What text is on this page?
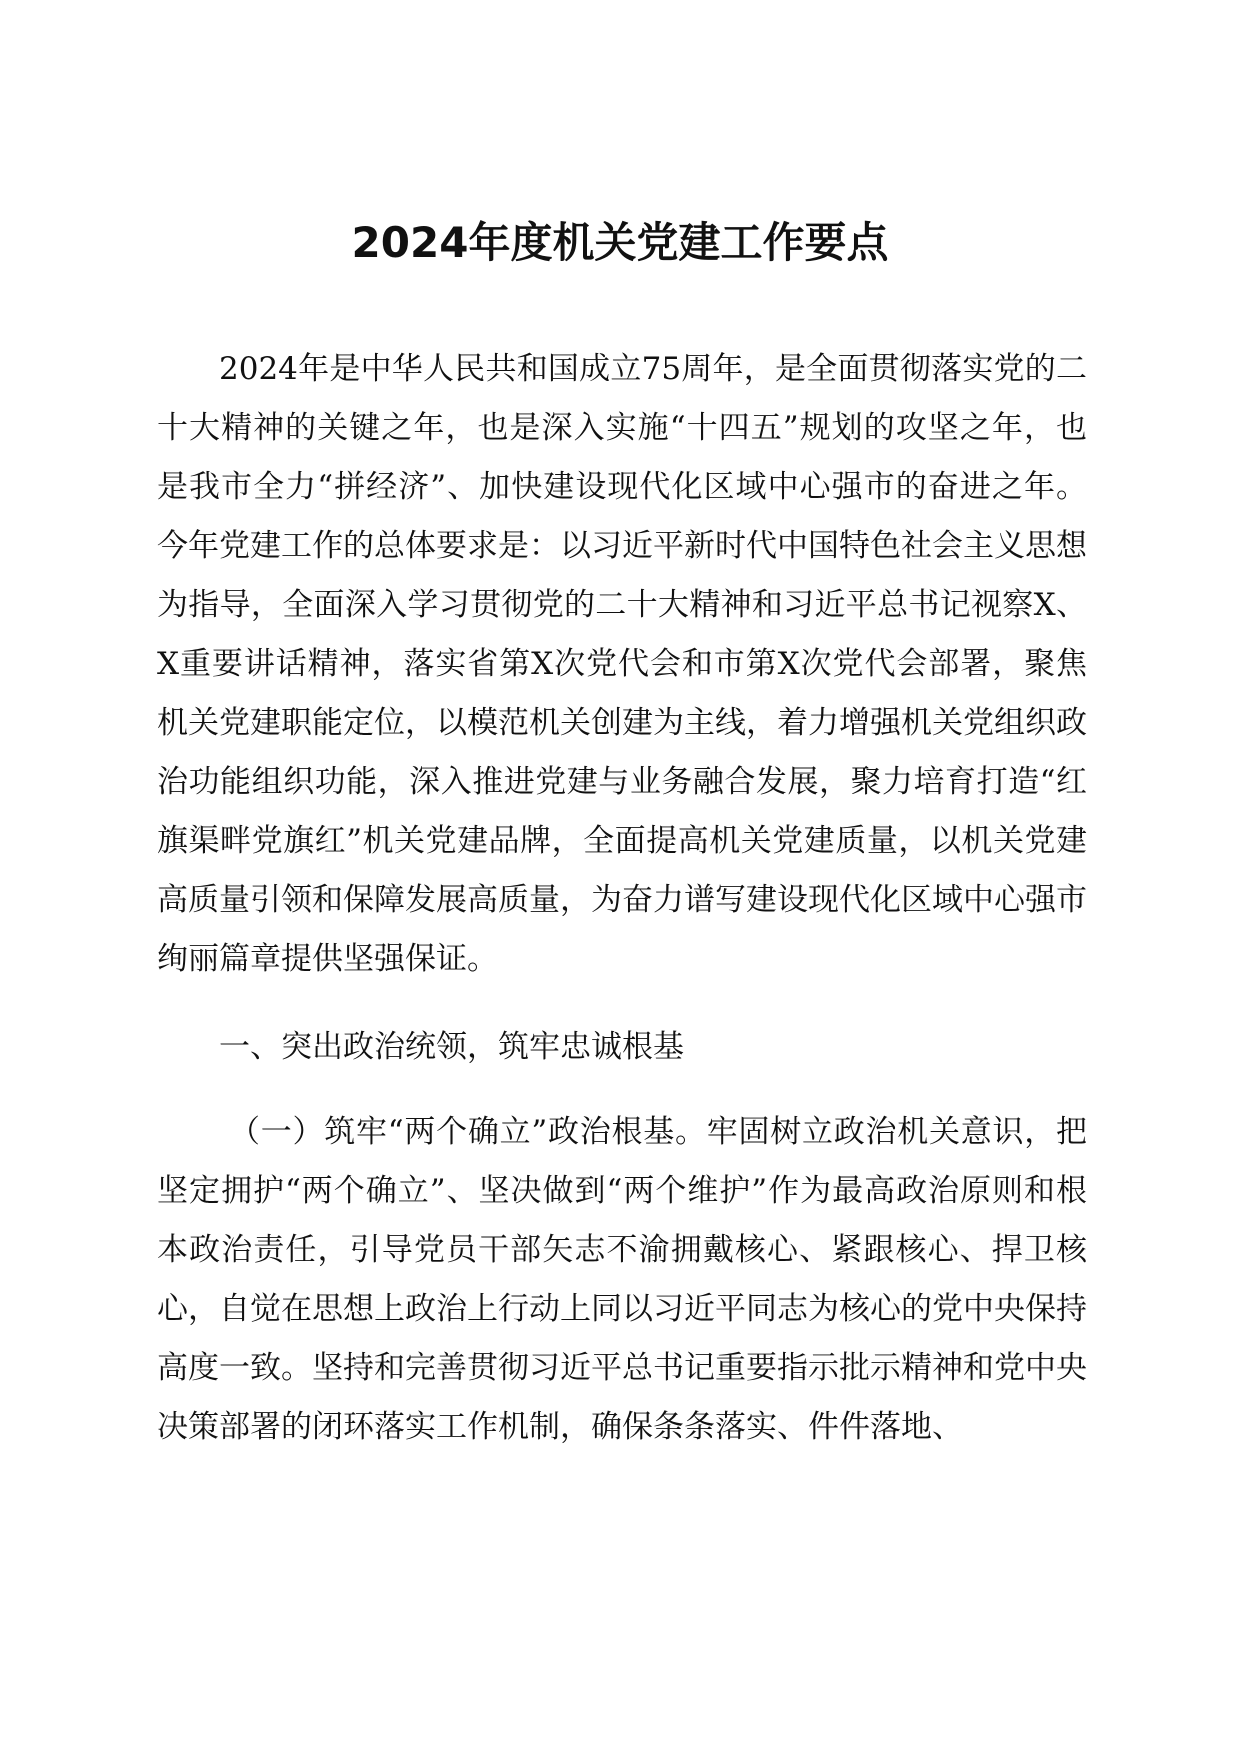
2024年度机关党建工作要点

2024年是中华人民共和国成立75周年，是全面贯彻落实党的二十大精神的关键之年，也是深入实施“十四五”规划的攻坚之年，也是我市全力“拼经济”、加快建设现代化区域中心强市的奋进之年。今年党建工作的总体要求是：以习近平新时代中国特色社会主义思想为指导，全面深入学习贯彻党的二十大精神和习近平总书记视察X、X重要讲话精神，落实省第X次党代会和市第X次党代会部署，聚焦机关党建职能定位，以模范机关创建为主线，着力增强机关党组织政治功能组织功能，深入推进党建与业务融合发展，聚力培育打造“红旗渠畔党旗红”机关党建品牌，全面提高机关党建质量，以机关党建高质量引领和保障发展高质量，为奋力谱写建设现代化区域中心强市绚丽篇章提供坚强保证。

一、突出政治统领，筑牢忠诚根基

（一）筑牢“两个确立”政治根基。牢固树立政治机关意识，把坚定拥护“两个确立”、坚决做到“两个维护”作为最高政治原则和根本政治责任，引导党员干部矢志不渝拥戴核心、紧跟核心、捍卫核心，自觉在思想上政治上行动上同以习近平同志为核心的党中央保持高度一致。坚持和完善贯彻习近平总书记重要指示批示精神和党中央决策部署的闭环落实工作机制，确保条条落实、件件落地、
